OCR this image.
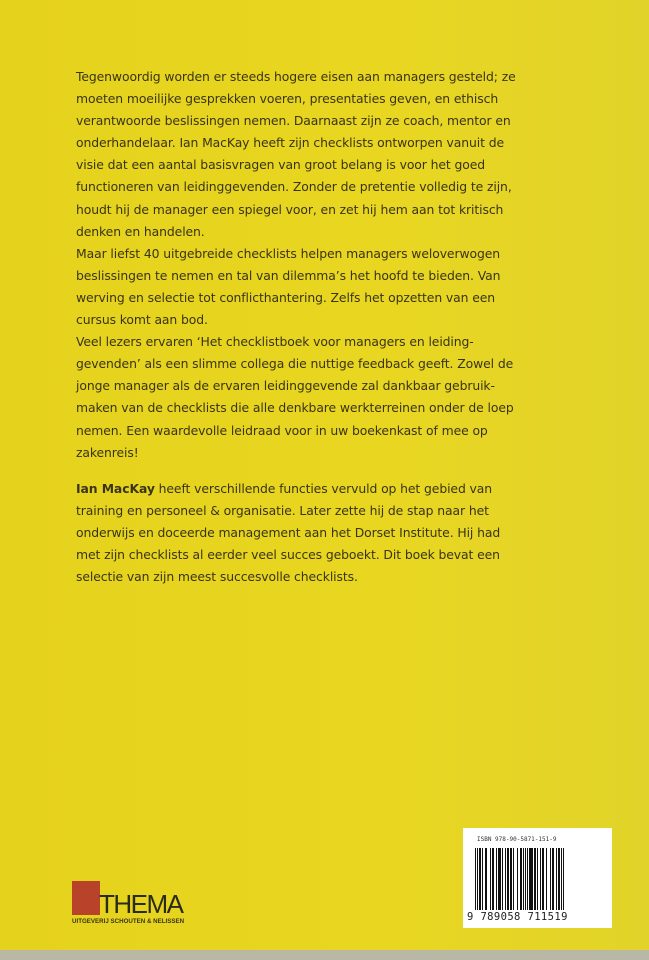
Tegenwoordig worden er steeds hogere eisen aan managers gesteld; ze
moeten moeilijke gesprekken voeren, presentaties geven, en ethisch
verantwoorde beslissingen nemen. Daarnaast zijn ze coach, mentor en
onderhandelaar. Ian MacKay heeft zijn checklists ontworpen vanuit de
visie dat een aantal basisvragen van groot belang is voor het goed
functioneren van leidinggevenden. Zonder de pretentie volledig te zijn,
houdt hij de manager een spiegel voor, en zet hij hem aan tot kritisch
denken en handelen.
Maar liefst 40 uitgebreide checklists helpen managers weloverwogen
beslissingen te nemen en tal van dilemma’s het hoofd te bieden. Van
werving en selectie tot conflicthantering. Zelfs het opzetten van een
cursus komt aan bod.
Veel lezers ervaren ‘Het checklistboek voor managers en leiding-
gevenden’ als een slimme collega die nuttige feedback geeft. Zowel de
jonge manager als de ervaren leidinggevende zal dankbaar gebruik-
maken van de checklists die alle denkbare werkterreinen onder de loep
nemen. Een waardevolle leidraad voor in uw boekenkast of mee op
zakenreis!
Ian MacKay heeft verschillende functies vervuld op het gebied van
training en personeel & organisatie. Later zette hij de stap naar het
onderwijs en doceerde management aan het Dorset Institute. Hij had
met zijn checklists al eerder veel succes geboekt. Dit boek bevat een
selectie van zijn meest succesvolle checklists.
THEMA
UITGEVERIJ SCHOUTEN & NELISSEN
ISBN 978-90-5871-151-9
9 789058 711519
